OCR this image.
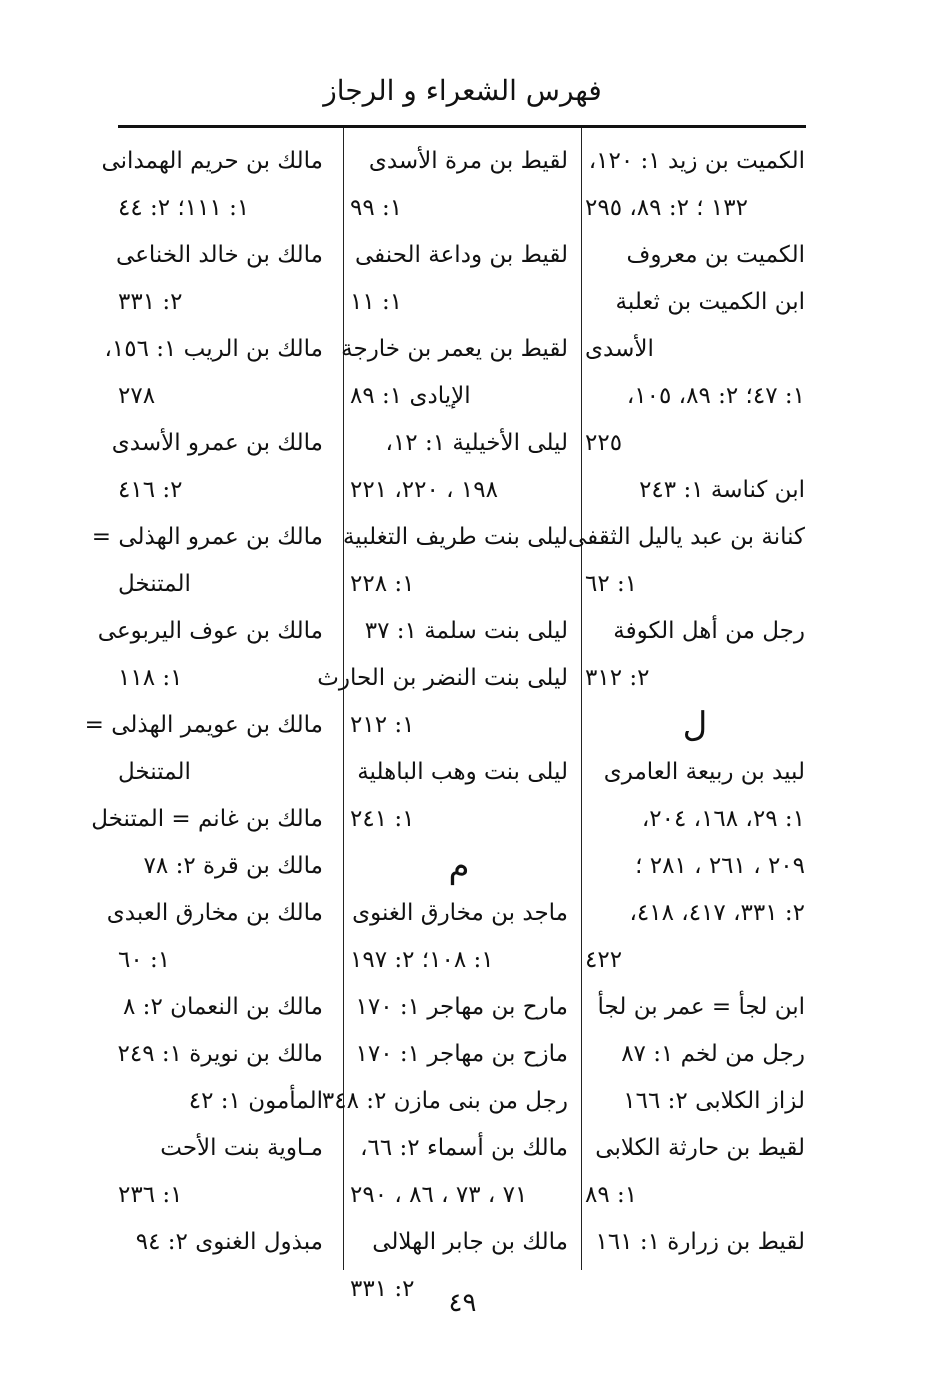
فهرس الشعراء و الرجاز
الكميت بن زيد ١: ١٢٠،
١٣٢ ؛ ٢: ٨٩، ٢٩٥
الكميت بن معروف
ابن الكميت بن ثعلبة
الأسدى
١: ٤٧؛ ٢: ٨٩، ١٠٥،
٢٢٥
ابن كناسة ١: ٢٤٣
كنانة بن عبد ياليل الثقفى
١: ٦٢
رجل من أهل الكوفة
٢: ٣١٢
ل
لبيد بن ربيعة العامرى
١: ٢٩، ١٦٨، ٢٠٤،
٢٠٩ ، ٢٦١ ، ٢٨١ ؛
٢: ٣٣١، ٤١٧، ٤١٨،
٤٢٢
ابن لجأ = عمر بن لجأ
رجل من لخم ١: ٨٧
لزاز الكلابى ٢: ١٦٦
لقيط بن حارثة الكلابى
١: ٨٩
لقيط بن زرارة ١: ١٦١
لقيط بن مرة الأسدى
١: ٩٩
لقيط بن وداعة الحنفى
١: ١١
لقيط بن يعمر بن خارجة
الإيادى ١: ٨٩
ليلى الأخيلية ١: ١٢،
١٩٨ ، ٢٢٠، ٢٢١
ليلى بنت طريف التغلبية
١: ٢٢٨
ليلى بنت سلمة ١: ٣٧
ليلى بنت النضر بن الحارث
١: ٢١٢
ليلى بنت وهب الباهلية
١: ٢٤١
م
ماجد بن مخارق الغنوى
١: ١٠٨؛ ٢: ١٩٧
مارح بن مهاجر ١: ١٧٠
مازح بن مهاجر ١: ١٧٠
رجل من بنى مازن ٢: ٣٤٨
مالك بن أسماء ٢: ٦٦،
٧١ ، ٧٣ ، ٨٦ ، ٢٩٠
مالك بن جابر الهلالى
٢: ٣٣١
مالك بن حريم الهمدانى
١: ١١١؛ ٢: ٤٤
مالك بن خالد الخناعى
٢: ٣٣١
مالك بن الريب ١: ١٥٦،
٢٧٨
مالك بن عمرو الأسدى
٢: ٤١٦
مالك بن عمرو الهذلى =
المتنخل
مالك بن عوف اليربوعى
١: ١١٨
مالك بن عويمر الهذلى =
المتنخل
مالك بن غانم = المتنخل
مالك بن قرة ٢: ٧٨
مالك بن مخارق العبدى
١: ٦٠
مالك بن النعمان ٢: ٨
مالك بن نويرة ١: ٢٤٩
المأمون ١: ٤٢
مـاوية بنت الأحت
١: ٢٣٦
مبذول الغنوى ٢: ٩٤
٤٩
